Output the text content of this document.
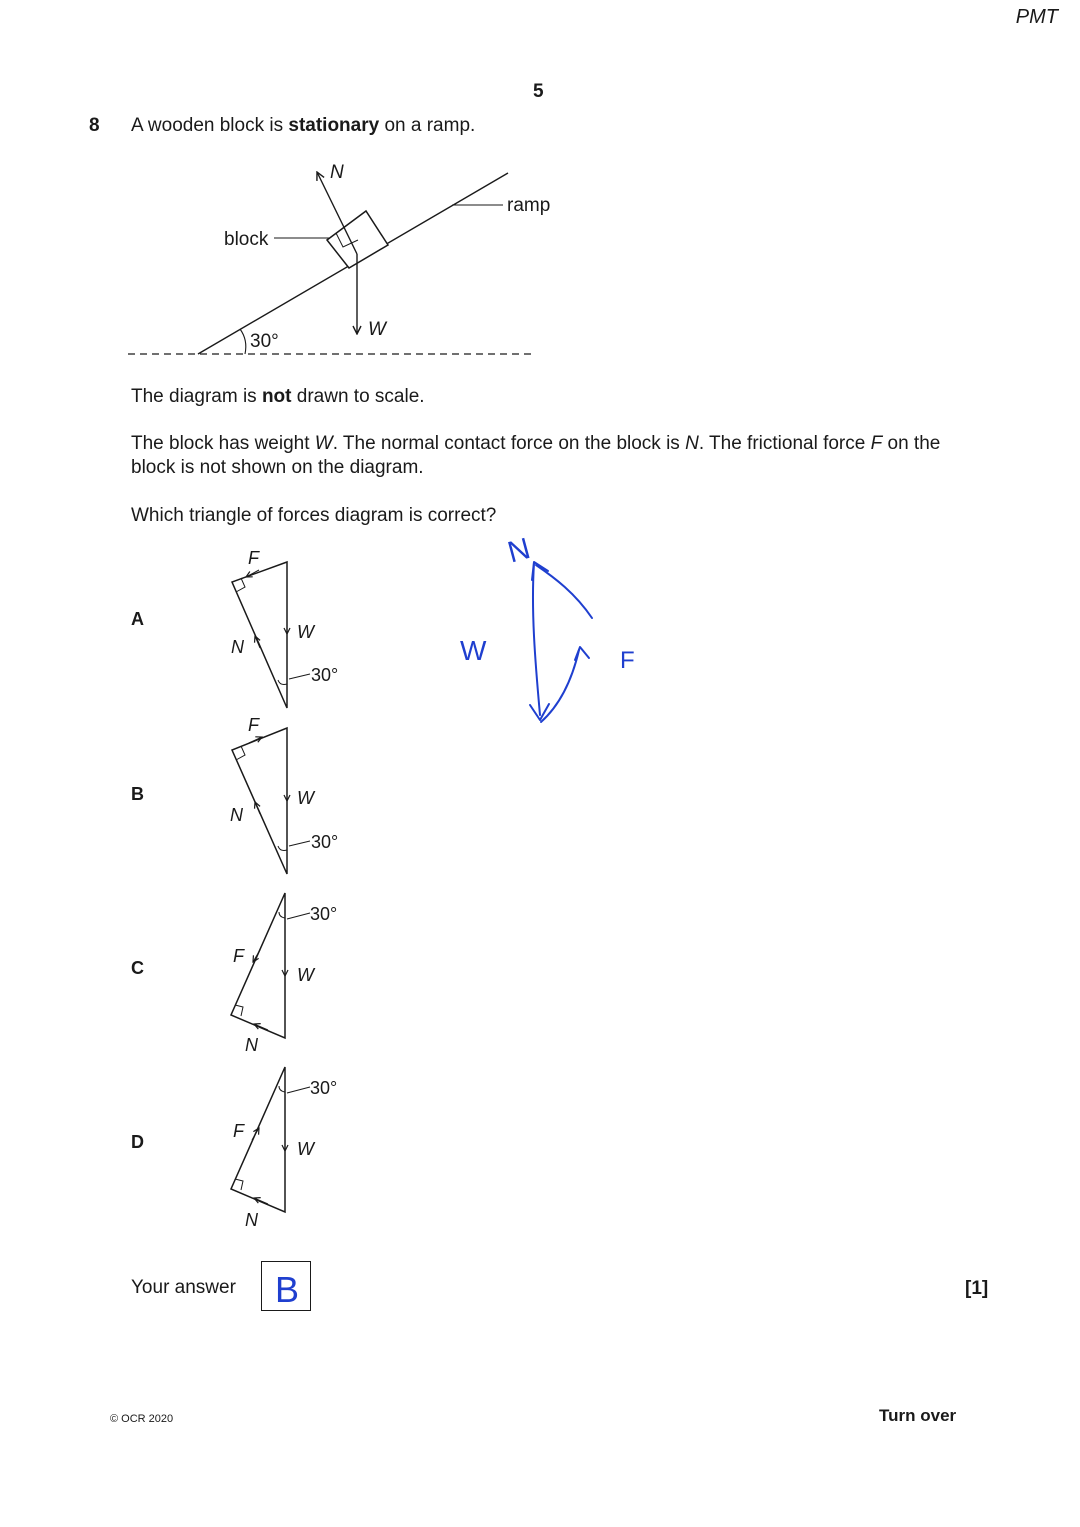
PMT
5
8 A wooden block is stationary on a ramp.
N
ramp
block
W
30°
The diagram is not drawn to scale.
The block has weight W. The normal contact force on the block is N. The frictional force F on the
block is not shown on the diagram.
Which triangle of forces diagram is correct?
A
F
N
W
30°
B
F
N
W
30°
C
F
N
W
30°
D
F
N
W
30°
N
W	F
Your answer B	[1]
© OCR 2020	Turn over
